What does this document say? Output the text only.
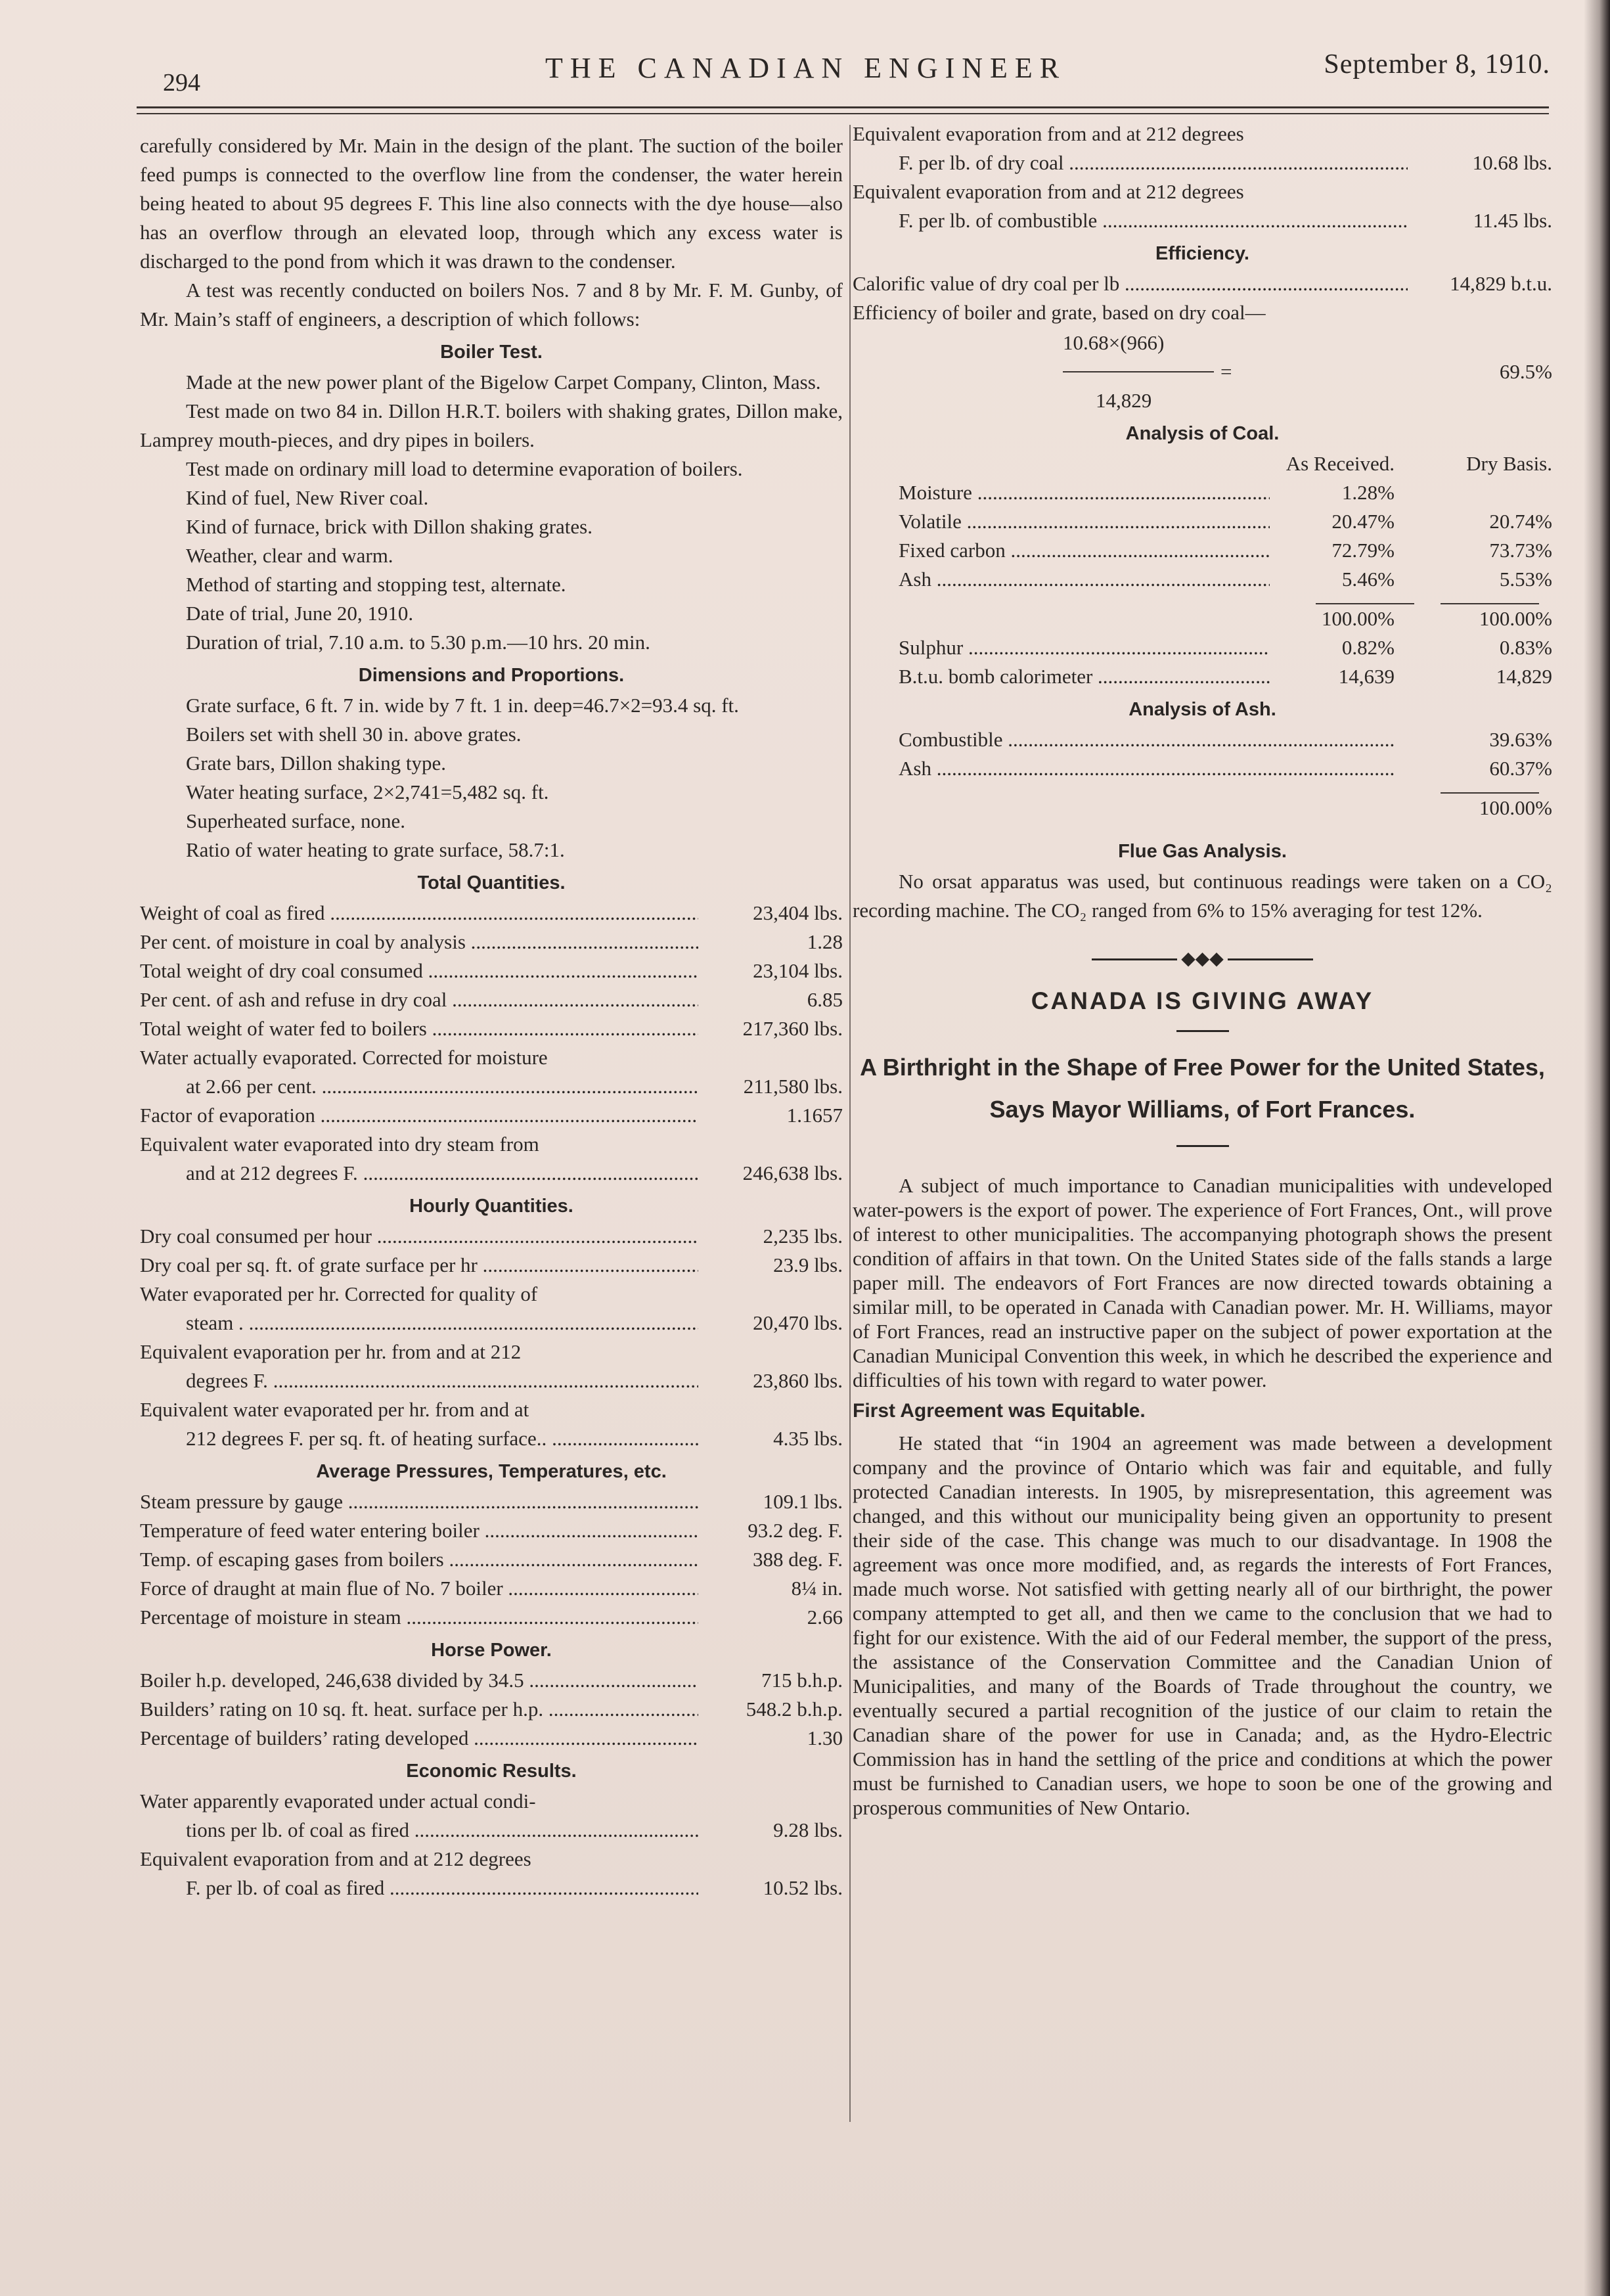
294	THE CANADIAN ENGINEER	September 8, 1910.

carefully considered by Mr. Main in the design of the plant. The suction of the boiler feed pumps is connected to the overflow line from the condenser, the water herein being heated to about 95 degrees F. This line also connects with the dye house—also has an overflow through an elevated loop, through which any excess water is discharged to the pond from which it was drawn to the condenser.

A test was recently conducted on boilers Nos. 7 and 8 by Mr. F. M. Gunby, of Mr. Main’s staff of engineers, a description of which follows:

Boiler Test.

Made at the new power plant of the Bigelow Carpet Company, Clinton, Mass.

Test made on two 84 in. Dillon H.R.T. boilers with shaking grates, Dillon make, Lamprey mouth-pieces, and dry pipes in boilers.

Test made on ordinary mill load to determine evaporation of boilers.

Kind of fuel, New River coal.

Kind of furnace, brick with Dillon shaking grates.

Weather, clear and warm.

Method of starting and stopping test, alternate.

Date of trial, June 20, 1910.

Duration of trial, 7.10 a.m. to 5.30 p.m.—10 hrs. 20 min.

Dimensions and Proportions.

Grate surface, 6 ft. 7 in. wide by 7 ft. 1 in. deep=46.7×2=93.4 sq. ft.

Boilers set with shell 30 in. above grates.

Grate bars, Dillon shaking type.

Water heating surface, 2×2,741=5,482 sq. ft.

Superheated surface, none.

Ratio of water heating to grate surface, 58.7:1.

Total Quantities.
Weight of coal as fired .....	23,404 lbs.
Per cent. of moisture in coal by analysis .....	1.28
Total weight of dry coal consumed .....	23,104 lbs.
Per cent. of ash and refuse in dry coal .....	6.85
Total weight of water fed to boilers .....	217,360 lbs.

Water actually evaporated. Corrected for moisture

at 2.66 per cent. .....	211,580 lbs.
Factor of evaporation .....	1.1657

Equivalent water evaporated into dry steam from

and at 212 degrees F. .....	246,638 lbs.
Hourly Quantities.
Dry coal consumed per hour .....	2,235 lbs.
Dry coal per sq. ft. of grate surface per hr .....	23.9 lbs.

Water evaporated per hr. Corrected for quality of

steam . .....	20,470 lbs.

Equivalent evaporation per hr. from and at 212

degrees F. .....	23,860 lbs.

Equivalent water evaporated per hr. from and at

212 degrees F. per sq. ft. of heating surface.. .....	4.35 lbs.
Average Pressures, Temperatures, etc.
Steam pressure by gauge .....	109.1 lbs.
Temperature of feed water entering boiler .....	93.2 deg. F.
Temp. of escaping gases from boilers .....	388 deg. F.
Force of draught at main flue of No. 7 boiler .....	8¼ in.
Percentage of moisture in steam .....	2.66
Horse Power.
Boiler h.p. developed, 246,638 divided by 34.5 .....	715 b.h.p.
Builders’ rating on 10 sq. ft. heat. surface per h.p. .....	548.2 b.h.p.
Percentage of builders’ rating developed .....	1.30
Economic Results.

Water apparently evaporated under actual condi-

tions per lb. of coal as fired .....	9.28 lbs.

Equivalent evaporation from and at 212 degrees

F. per lb. of coal as fired .....	10.52 lbs.

Equivalent evaporation from and at 212 degrees

F. per lb. of dry coal .....	10.68 lbs.

Equivalent evaporation from and at 212 degrees

F. per lb. of combustible .....	11.45 lbs.
Efficiency.
Calorific value of dry coal per lb .....	14,829 b.t.u.

Efficiency of boiler and grate, based on dry coal—

10.68×(966)
=	69.5%
14,829
Analysis of Coal.
As Received.	Dry Basis.
Moisture .....	1.28%
Volatile .....	20.47%	20.74%
Fixed carbon .....	72.79%	73.73%
Ash .....	5.46%	5.53%
100.00%	100.00%
Sulphur .....	0.82%	0.83%
B.t.u. bomb calorimeter .....	14,639	14,829
Analysis of Ash.
Combustible .....	39.63%
Ash .....	60.37%
100.00%
Flue Gas Analysis.

No orsat apparatus was used, but continuous readings were taken on a CO₂ recording machine. The CO₂ ranged from 6% to 15% averaging for test 12%.

◆◆◆
CANADA IS GIVING AWAY
A Birthright in the Shape of Free Power for the United States, Says Mayor Williams, of Fort Frances.

A subject of much importance to Canadian municipalities with undeveloped water-powers is the export of power. The experience of Fort Frances, Ont., will prove of interest to other municipalities. The accompanying photograph shows the present condition of affairs in that town. On the United States side of the falls stands a large paper mill. The endeavors of Fort Frances are now directed towards obtaining a similar mill, to be operated in Canada with Canadian power. Mr. H. Williams, mayor of Fort Frances, read an instructive paper on the subject of power exportation at the Canadian Municipal Convention this week, in which he described the experience and difficulties of his town with regard to water power.

First Agreement was Equitable.

He stated that “in 1904 an agreement was made between a development company and the province of Ontario which was fair and equitable, and fully protected Canadian interests. In 1905, by misrepresentation, this agreement was changed, and this without our municipality being given an opportunity to present their side of the case. This change was much to our disadvantage. In 1908 the agreement was once more modified, and, as regards the interests of Fort Frances, made much worse. Not satisfied with getting nearly all of our birthright, the power company attempted to get all, and then we came to the conclusion that we had to fight for our existence. With the aid of our Federal member, the support of the press, the assistance of the Conservation Committee and the Canadian Union of Municipalities, and many of the Boards of Trade throughout the country, we eventually secured a partial recognition of the justice of our claim to retain the Canadian share of the power for use in Canada; and, as the Hydro-Electric Commission has in hand the settling of the price and conditions at which the power must be furnished to Canadian users, we hope to soon be one of the growing and prosperous communities of New Ontario.
